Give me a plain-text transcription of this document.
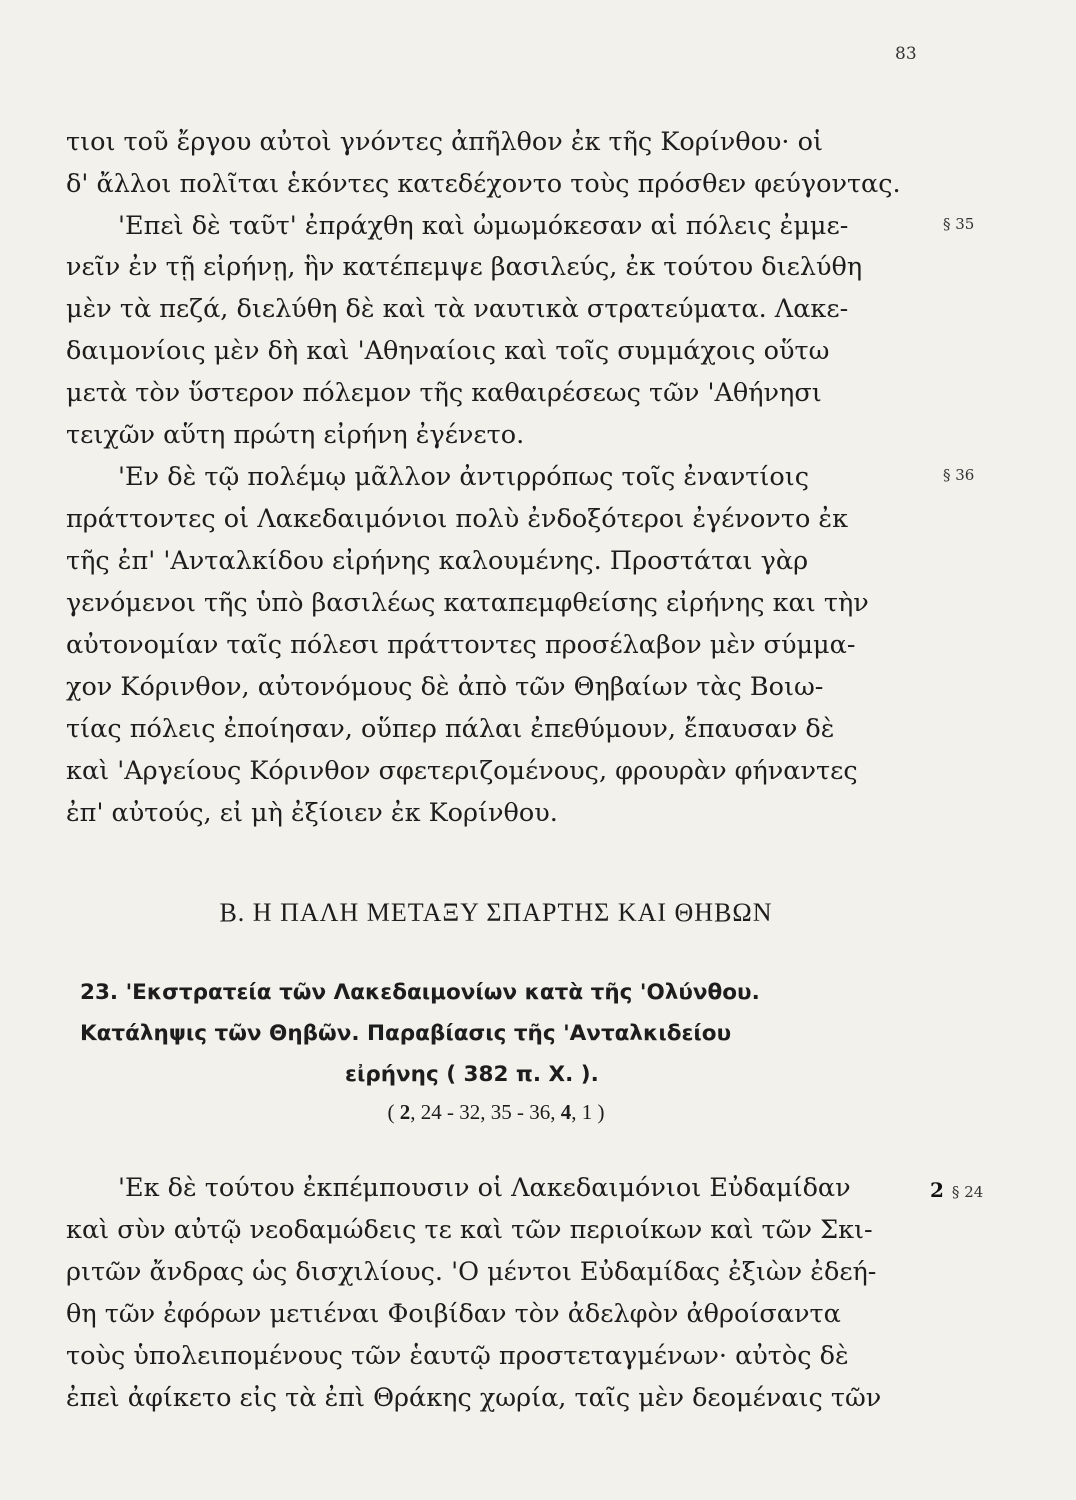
83
τιοι τοῦ ἔργου αὐτοὶ γνόντες ἀπῆλθον ἐκ τῆς Κορίνθου· οἱ
δ' ἄλλοι πολῖται ἑκόντες κατεδέχοντο τοὺς πρόσθεν φεύγοντας.
'Επεὶ δὲ ταῦτ' ἐπράχθη καὶ ὠμωμόκεσαν αἱ πόλεις ἐμμε-
νεῖν ἐν τῇ εἰρήνῃ, ἣν κατέπεμψε βασιλεύς, ἐκ τούτου διελύθη
μὲν τὰ πεζά, διελύθη δὲ καὶ τὰ ναυτικὰ στρατεύματα. Λακε-
δαιμονίοις μὲν δὴ καὶ 'Αθηναίοις καὶ τοῖς συμμάχοις οὕτω
μετὰ τὸν ὕστερον πόλεμον τῆς καθαιρέσεως τῶν 'Αθήνησι
τειχῶν αὕτη πρώτη εἰρήνη ἐγένετο.
'Εν δὲ τῷ πολέμῳ μᾶλλον ἀντιρρόπως τοῖς ἐναντίοις
πράττοντες οἱ Λακεδαιμόνιοι πολὺ ἐνδοξότεροι ἐγένοντο ἐκ
τῆς ἐπ' 'Ανταλκίδου εἰρήνης καλουμένης. Προστάται γὰρ
γενόμενοι τῆς ὑπὸ βασιλέως καταπεμφθείσης εἰρήνης και τὴν
αὐτονομίαν ταῖς πόλεσι πράττοντες προσέλαβον μὲν σύμμα-
χον Κόρινθον, αὐτονόμους δὲ ἀπὸ τῶν Θηβαίων τὰς Βοιω-
τίας πόλεις ἐποίησαν, οὕπερ πάλαι ἐπεθύμουν, ἔπαυσαν δὲ
καὶ 'Αργείους Κόρινθον σφετεριζομένους, φρουρὰν φήναντες
ἐπ' αὐτούς, εἰ μὴ ἐξίοιεν ἐκ Κορίνθου.
§ 35
§ 36
2 § 24
Β. Η ΠΑΛΗ ΜΕΤΑΞΥ ΣΠΑΡΤΗΣ ΚΑΙ ΘΗΒΩΝ
23. 'Εκστρατεία τῶν Λακεδαιμονίων κατὰ τῆς 'Ολύνθου.
Κατάληψις τῶν Θηβῶν. Παραβίασις τῆς 'Ανταλκιδείου
εἰρήνης ( 382 π. Χ. ).
( 2, 24 - 32, 35 - 36, 4, 1 )
'Εκ δὲ τούτου ἐκπέμπουσιν οἱ Λακεδαιμόνιοι Εὐδαμίδαν
καὶ σὺν αὐτῷ νεοδαμώδεις τε καὶ τῶν περιοίκων καὶ τῶν Σκι-
ριτῶν ἄνδρας ὡς δισχιλίους. 'Ο μέντοι Εὐδαμίδας ἐξιὼν ἐδεή-
θη τῶν ἐφόρων μετιέναι Φοιβίδαν τὸν ἀδελφὸν ἀθροίσαντα
τοὺς ὑπολειπομένους τῶν ἑαυτῷ προστεταγμένων· αὐτὸς δὲ
ἐπεὶ ἀφίκετο εἰς τὰ ἐπὶ Θράκης χωρία, ταῖς μὲν δεομέναις τῶν
